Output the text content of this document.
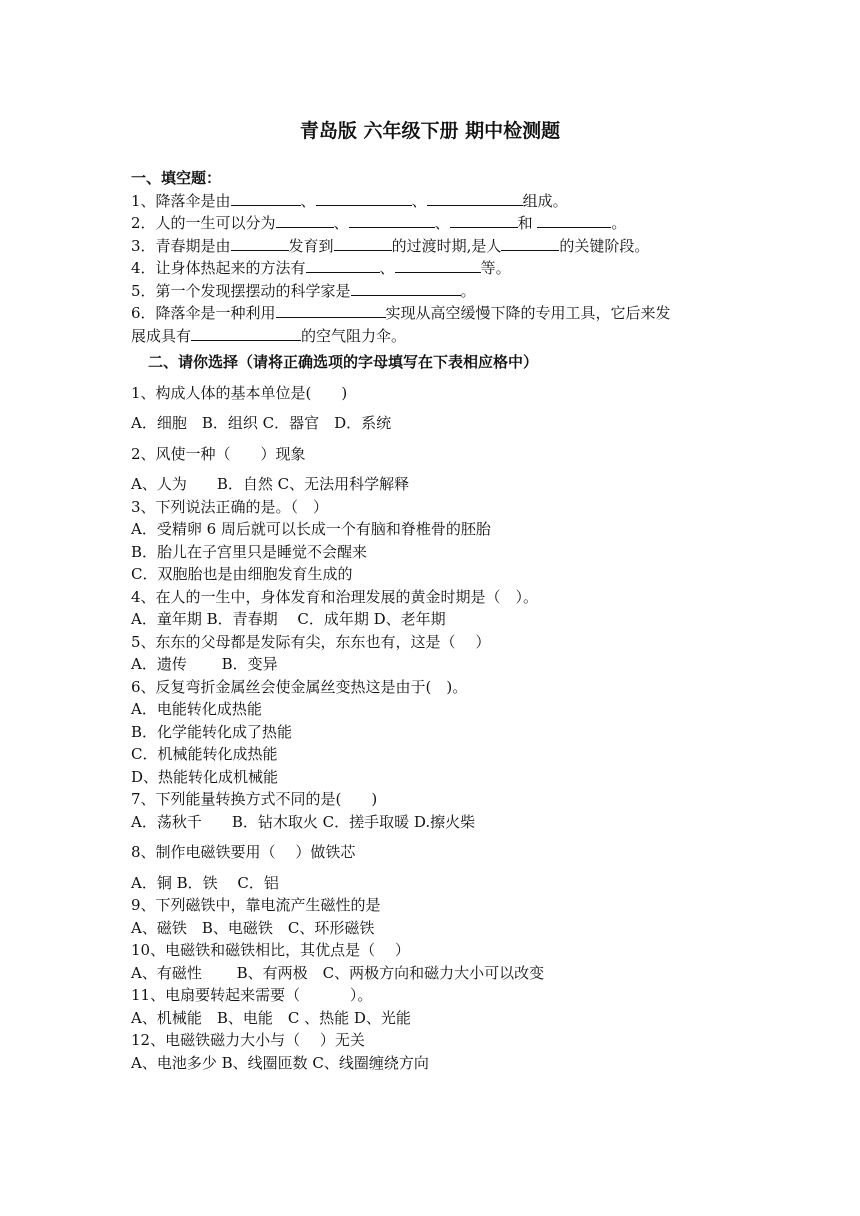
青岛版 六年级下册 期中检测题
一、填空题：
1、降落伞是由	、	、	组成。
2．人的一生可以分为	、	、	和	。
3．青春期是由	发育到	的过渡时期,是人	的关键阶段。
4．让身体热起来的方法有	、	等。
5．第一个发现摆摆动的科学家是	。
6．降落伞是一种利用	实现从高空缓慢下降的专用工具，它后来发
展成具有	的空气阻力伞。
二、请你选择（请将正确选项的字母填写在下表相应格中）
1、构成人体的基本单位是(　　)
A．细胞　B．组织 C．器官　D．系统
2、风使一种（　　）现象
A、人为　　B．自然 C、无法用科学解释
3、下列说法正确的是。（　）
A．受精卵 6 周后就可以长成一个有脑和脊椎骨的胚胎
B．胎儿在子宫里只是睡觉不会醒来
C．双胞胎也是由细胞发育生成的
4、在人的一生中，身体发育和治理发展的黄金时期是（　）。
A．童年期 B．青春期　 C．成年期 D、老年期
5、东东的父母都是发际有尖，东东也有，这是（　 ）
A．遗传　　 B．变异
6、反复弯折金属丝会使金属丝变热这是由于(　)。
A．电能转化成热能
B．化学能转化成了热能
C．机械能转化成热能
D、热能转化成机械能
7、下列能量转换方式不同的是(　　)
A．荡秋千　　B．钻木取火 C．搓手取暖 D.擦火柴
8、制作电磁铁要用（　 ）做铁芯
A．铜 B．铁　 C．铝
9、下列磁铁中，靠电流产生磁性的是
A、磁铁　B、电磁铁　C、环形磁铁
10、电磁铁和磁铁相比，其优点是（　 ）
A、有磁性　　 B、有两极　C、两极方向和磁力大小可以改变
11、电扇要转起来需要（　　　 ）。
A、机械能　B、电能　C 、热能 D、光能
12、电磁铁磁力大小与（　 ）无关
A、电池多少 B、线圈匝数 C、线圈缠绕方向
